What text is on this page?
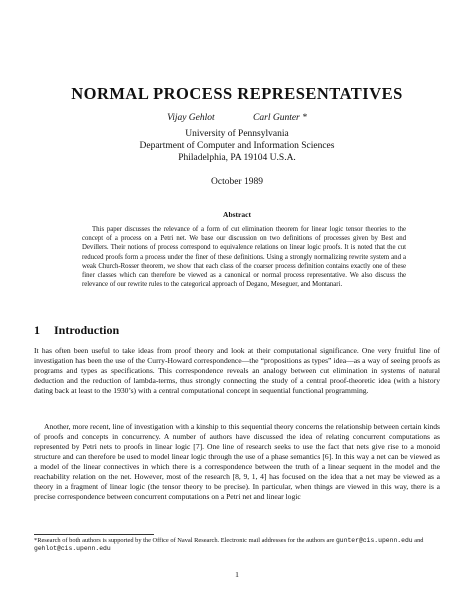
NORMAL PROCESS REPRESENTATIVES
Vijay Gehlot	Carl Gunter *
University of Pennsylvania
Department of Computer and Information Sciences
Philadelphia, PA 19104 U.S.A.
October 1989
Abstract
This paper discusses the relevance of a form of cut elimination theorem for linear logic tensor theories to the concept of a process on a Petri net. We base our discussion on two definitions of processes given by Best and Devillers. Their notions of process correspond to equivalence relations on linear logic proofs. It is noted that the cut reduced proofs form a process under the finer of these definitions. Using a strongly normalizing rewrite system and a weak Church-Rosser theorem, we show that each class of the coarser process definition contains exactly one of these finer classes which can therefore be viewed as a canonical or normal process representative. We also discuss the relevance of our rewrite rules to the categorical approach of Degano, Meseguer, and Montanari.
1 Introduction
It has often been useful to take ideas from proof theory and look at their computational significance. One very fruitful line of investigation has been the use of the Curry-Howard correspondence—the “propositions as types” idea—as a way of seeing proofs as programs and types as specifications. This correspondence reveals an analogy between cut elimination in systems of natural deduction and the reduction of lambda-terms, thus strongly connecting the study of a central proof-theoretic idea (with a history dating back at least to the 1930’s) with a central computational concept in sequential functional programming.
Another, more recent, line of investigation with a kinship to this sequential theory concerns the relationship between certain kinds of proofs and concepts in concurrency. A number of authors have discussed the idea of relating concurrent computations as represented by Petri nets to proofs in linear logic [7]. One line of research seeks to use the fact that nets give rise to a monoid structure and can therefore be used to model linear logic through the use of a phase semantics [6]. In this way a net can be viewed as a model of the linear connectives in which there is a correspondence between the truth of a linear sequent in the model and the reachability relation on the net. However, most of the research [8, 9, 1, 4] has focused on the idea that a net may be viewed as a theory in a fragment of linear logic (the tensor theory to be precise). In particular, when things are viewed in this way, there is a precise correspondence between concurrent computations on a Petri net and linear logic
*Research of both authors is supported by the Office of Naval Research. Electronic mail addresses for the authors are gunter@cis.upenn.edu and gehlot@cis.upenn.edu
1
